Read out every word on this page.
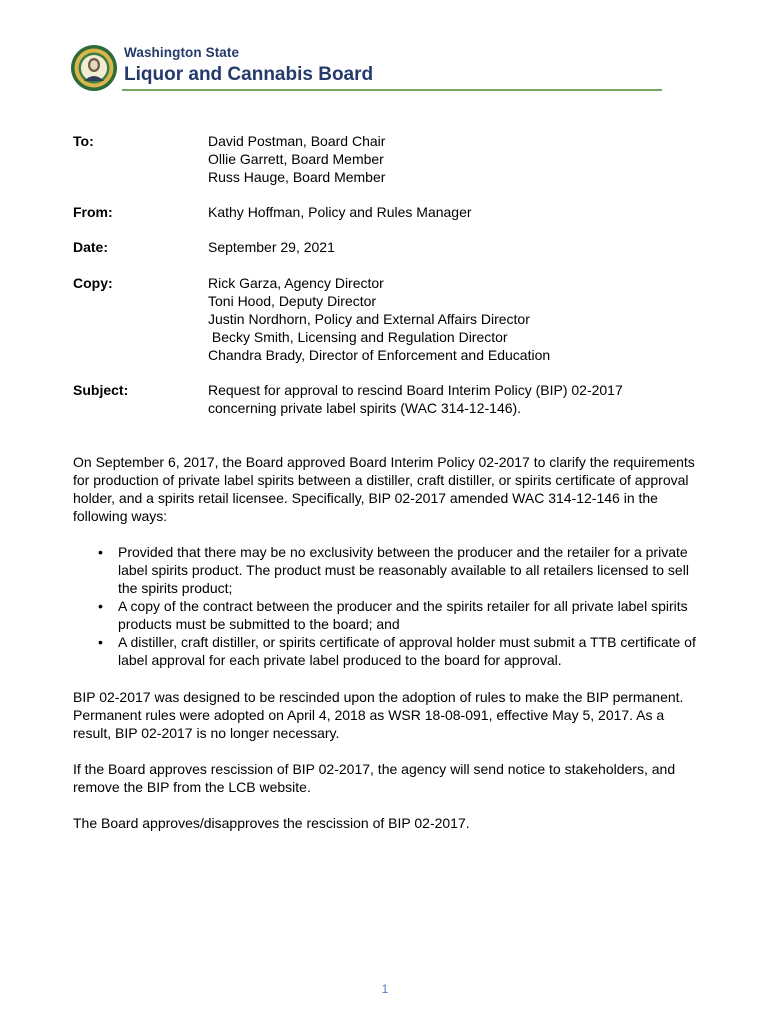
Washington State
Liquor and Cannabis Board
To:	David Postman, Board Chair
Ollie Garrett, Board Member
Russ Hauge, Board Member
From:	Kathy Hoffman, Policy and Rules Manager
Date:	September 29, 2021
Copy:	Rick Garza, Agency Director
Toni Hood, Deputy Director
Justin Nordhorn, Policy and External Affairs Director
Becky Smith, Licensing and Regulation Director
Chandra Brady, Director of Enforcement and Education
Subject:	Request for approval to rescind Board Interim Policy (BIP) 02-2017
concerning private label spirits (WAC 314-12-146).
On September 6, 2017, the Board approved Board Interim Policy 02-2017 to clarify the requirements for production of private label spirits between a distiller, craft distiller, or spirits certificate of approval holder, and a spirits retail licensee. Specifically, BIP 02-2017 amended WAC 314-12-146 in the following ways:
• Provided that there may be no exclusivity between the producer and the retailer for a private label spirits product. The product must be reasonably available to all retailers licensed to sell the spirits product;
• A copy of the contract between the producer and the spirits retailer for all private label spirits products must be submitted to the board; and
• A distiller, craft distiller, or spirits certificate of approval holder must submit a TTB certificate of label approval for each private label produced to the board for approval.
BIP 02-2017 was designed to be rescinded upon the adoption of rules to make the BIP permanent. Permanent rules were adopted on April 4, 2018 as WSR 18-08-091, effective May 5, 2017. As a result, BIP 02-2017 is no longer necessary.
If the Board approves rescission of BIP 02-2017, the agency will send notice to stakeholders, and remove the BIP from the LCB website.
The Board approves/disapproves the rescission of BIP 02-2017.
1
